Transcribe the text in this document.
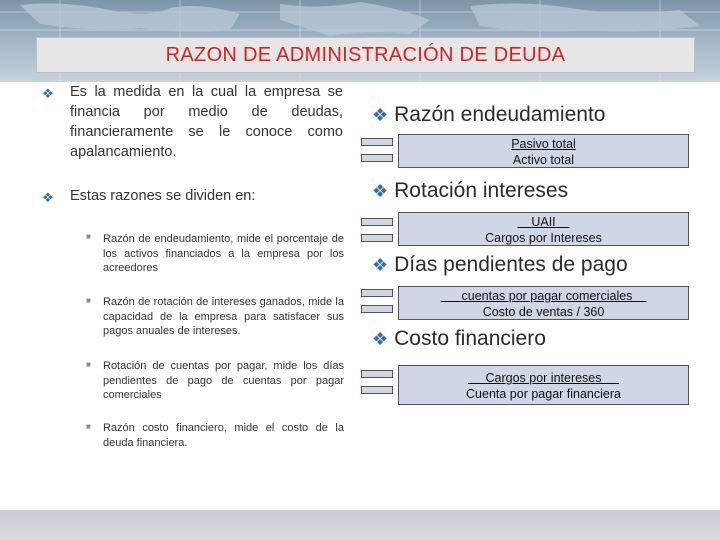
RAZON DE ADMINISTRACIÓN DE DEUDA
❖ Es la medida en la cual la empresa se financia por medio de deudas, financieramente se le conoce como apalancamiento.
❖ Estas razones se dividen en:
■ Razón de endeudamiento, mide el porcentaje de los activos financiados a la empresa por los acreedores
■ Razón de rotación de intereses ganados, mide la capacidad de la empresa para satisfacer sus pagos anuales de intereses.
■ Rotación de cuentas por pagar, mide los días pendientes de pago de cuentas por pagar comerciales
■ Razón costo financiero, mide el costo de la deuda financiera.
❖ Razón endeudamiento
Pasivo total
Activo total
❖ Rotación intereses
UAII
Cargos por Intereses
❖ Días pendientes de pago
cuentas por pagar comerciales
Costo de ventas / 360
❖ Costo financiero
Cargos por intereses
Cuenta por pagar financiera
